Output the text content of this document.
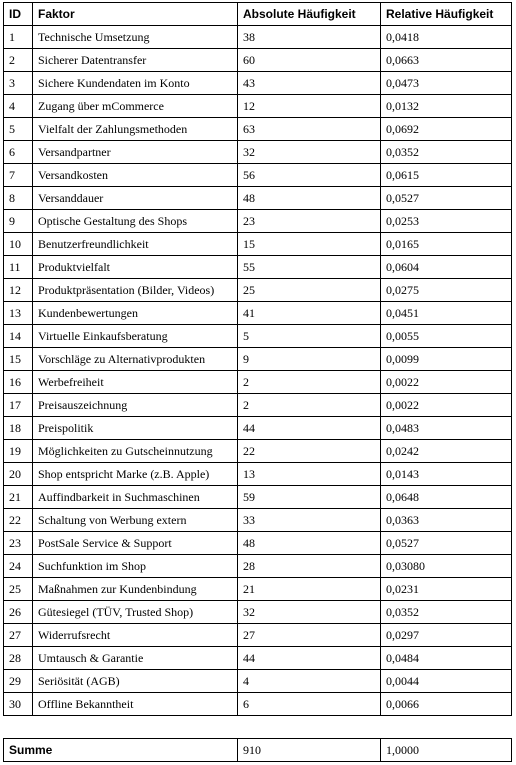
ID	Faktor	Absolute Häufigkeit	Relative Häufigkeit
1	Technische Umsetzung	38	0,0418
2	Sicherer Datentransfer	60	0,0663
3	Sichere Kundendaten im Konto	43	0,0473
4	Zugang über mCommerce	12	0,0132
5	Vielfalt der Zahlungsmethoden	63	0,0692
6	Versandpartner	32	0,0352
7	Versandkosten	56	0,0615
8	Versanddauer	48	0,0527
9	Optische Gestaltung des Shops	23	0,0253
10	Benutzerfreundlichkeit	15	0,0165
11	Produktvielfalt	55	0,0604
12	Produktpräsentation (Bilder, Videos)	25	0,0275
13	Kundenbewertungen	41	0,0451
14	Virtuelle Einkaufsberatung	5	0,0055
15	Vorschläge zu Alternativprodukten	9	0,0099
16	Werbefreiheit	2	0,0022
17	Preisauszeichnung	2	0,0022
18	Preispolitik	44	0,0483
19	Möglichkeiten zu Gutscheinnutzung	22	0,0242
20	Shop entspricht Marke (z.B. Apple)	13	0,0143
21	Auffindbarkeit in Suchmaschinen	59	0,0648
22	Schaltung von Werbung extern	33	0,0363
23	PostSale Service & Support	48	0,0527
24	Suchfunktion im Shop	28	0,03080
25	Maßnahmen zur Kundenbindung	21	0,0231
26	Gütesiegel (TÜV, Trusted Shop)	32	0,0352
27	Widerrufsrecht	27	0,0297
28	Umtausch & Garantie	44	0,0484
29	Seriösität (AGB)	4	0,0044
30	Offline Bekanntheit	6	0,0066
Summe	910	1,0000
